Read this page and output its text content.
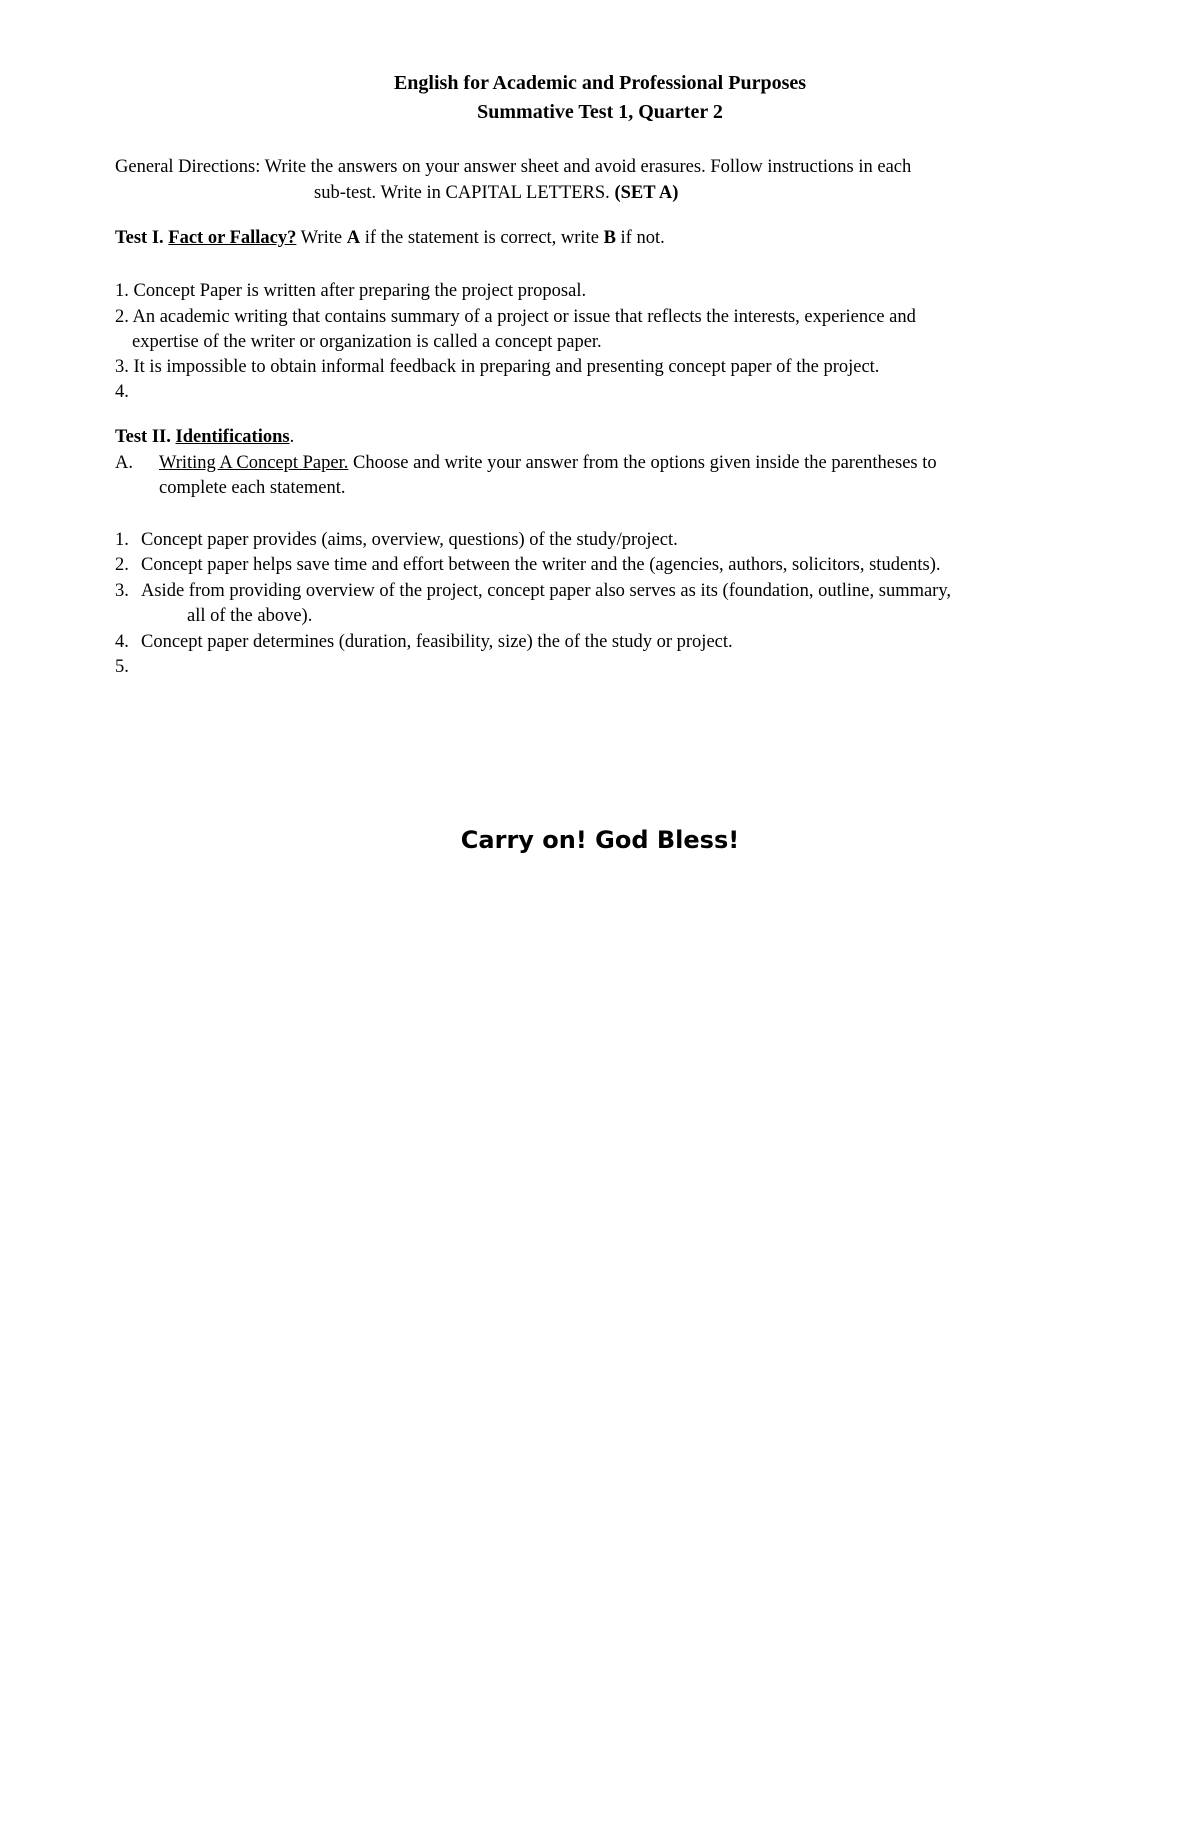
English for Academic and Professional Purposes

Summative Test 1, Quarter 2

General Directions: Write the answers on your answer sheet and avoid erasures. Follow instructions in each

sub-test. Write in CAPITAL LETTERS. (SET A)

Test I. Fact or Fallacy? Write A if the statement is correct, write B if not.

1. Concept Paper is written after preparing the project proposal.

2. An academic writing that contains summary of a project or issue that reflects the interests, experience and

expertise of the writer or organization is called a concept paper.

3. It is impossible to obtain informal feedback in preparing and presenting concept paper of the project.

4.

Test II. Identifications.

A. Writing A Concept Paper. Choose and write your answer from the options given inside the parentheses to

complete each statement.

1. Concept paper provides (aims, overview, questions) of the study/project.

2. Concept paper helps save time and effort between the writer and the (agencies, authors, solicitors, students).

3. Aside from providing overview of the project, concept paper also serves as its (foundation, outline, summary,

all of the above).

4. Concept paper determines (duration, feasibility, size) the of the study or project.

5.

Carry on! God Bless!
